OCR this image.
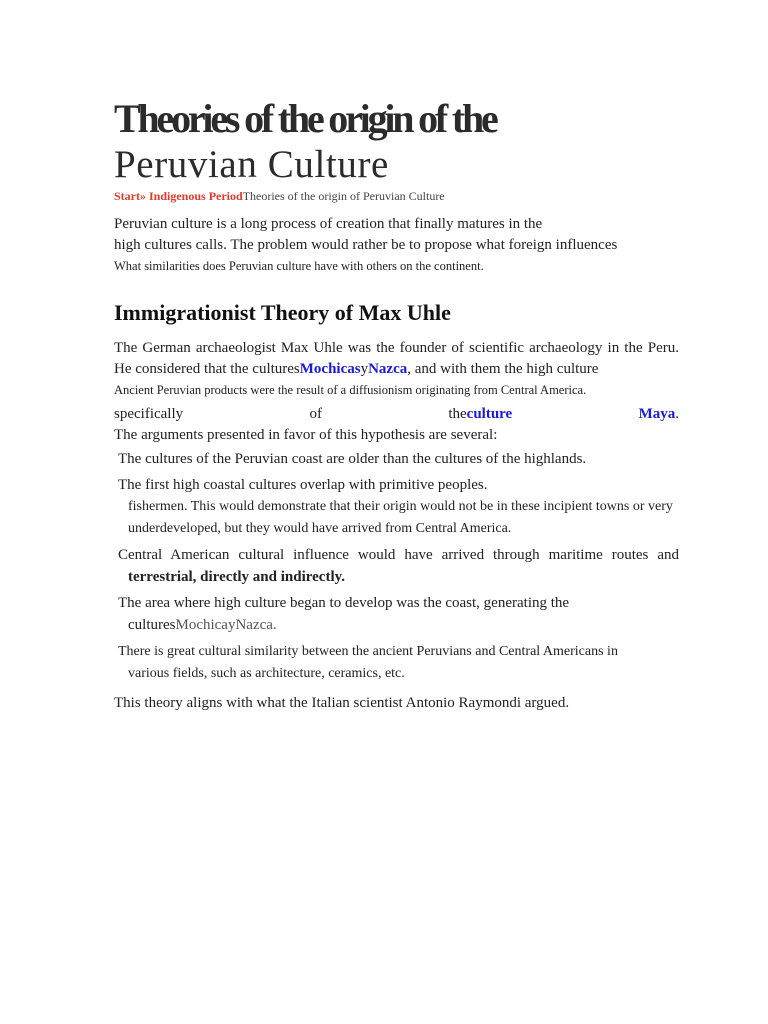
Theories of the origin of the
Peruvian Culture
Start» Indigenous PeriodTheories of the origin of Peruvian Culture
Peruvian culture is a long process of creation that finally matures in the
high cultures calls. The problem would rather be to propose what foreign influences
What similarities does Peruvian culture have with others on the continent.
Immigrationist Theory of Max Uhle
The German archaeologist Max Uhle was the founder of scientific archaeology in the Peru. He considered that the culturesMochicasyNazca, and with them the high culture
Ancient Peruvian products were the result of a diffusionism originating from Central America.
specifically	of	theculture	Maya.
The arguments presented in favor of this hypothesis are several:
The cultures of the Peruvian coast are older than the cultures of the highlands.
The first high coastal cultures overlap with primitive peoples.
fishermen. This would demonstrate that their origin would not be in these incipient towns or very underdeveloped, but they would have arrived from Central America.
Central American cultural influence would have arrived through maritime routes and
terrestrial, directly and indirectly.
The area where high culture began to develop was the coast, generating the
culturesMochicayNazca.
There is great cultural similarity between the ancient Peruvians and Central Americans in
various fields, such as architecture, ceramics, etc.
This theory aligns with what the Italian scientist Antonio Raymondi argued.
